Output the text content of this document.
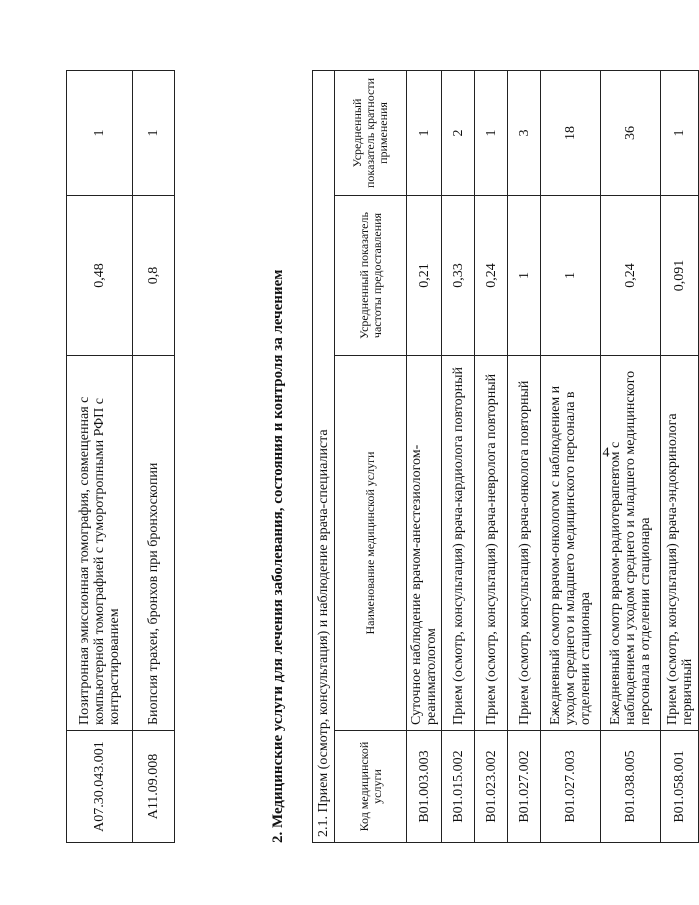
4
A07.30.043.001	Позитронная эмиссионная томография, совмещенная с компьютерной томографией с туморотропными РФП с контрастированием	0,48	1
A11.09.008	Биопсия трахеи, бронхов при бронхоскопии	0,8	1
2. Медицинские услуги для лечения заболевания, состояния и контроля за лечением 2.1. Прием (осмотр, консультация) и наблюдение врача-специалиста			
Код медицинской услуги	Наименование медицинской услуги	Усредненный показатель частоты предоставления	Усредненный показатель кратности применения
B01.003.003	Суточное наблюдение врачом-анестезиологом-реаниматологом	0,21	1
B01.015.002	Прием (осмотр, консультация) врача-кардиолога повторный	0,33	2
B01.023.002	Прием (осмотр, консультация) врача-невролога повторный	0,24	1
B01.027.002	Прием (осмотр, консультация) врача-онколога повторный	1	3
B01.027.003	Ежедневный осмотр врачом-онкологом с наблюдением и уходом среднего и младшего медицинского персонала в отделении стационара	1	18
B01.038.005	Ежедневный осмотр врачом-радиотерапевтом с наблюдением и уходом среднего и младшего медицинского персонала в отделении стационара	0,24	36
B01.058.001	Прием (осмотр, консультация) врача-эндокринолога первичный	0,091	1
